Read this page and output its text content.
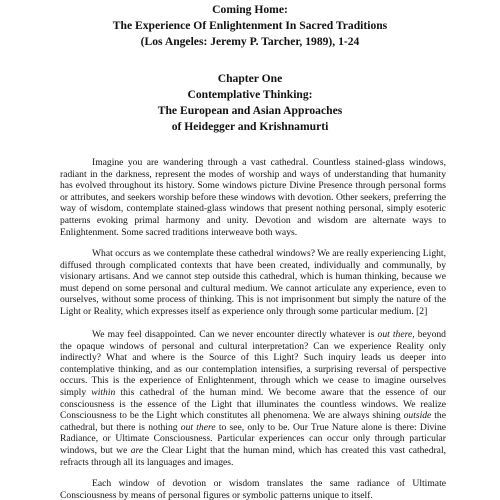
Coming Home:
The Experience Of Enlightenment In Sacred Traditions
(Los Angeles: Jeremy P. Tarcher, 1989), 1-24
Chapter One
Contemplative Thinking:
The European and Asian Approaches
of Heidegger and Krishnamurti

Imagine you are wandering through a vast cathedral. Countless stained-glass windows, radiant in the darkness, represent the modes of worship and ways of understanding that humanity has evolved throughout its history. Some windows picture Divine Presence through personal forms or attributes, and seekers worship before these windows with devotion. Other seekers, preferring the way of wisdom, contemplate stained-glass windows that present nothing personal, simply esoteric patterns evoking primal harmony and unity. Devotion and wisdom are alternate ways to Enlightenment. Some sacred traditions interweave both ways.

What occurs as we contemplate these cathedral windows? We are really experiencing Light, diffused through complicated contexts that have been created, individually and communally, by visionary artisans. And we cannot step outside this cathedral, which is human thinking, because we must depend on some personal and cultural medium. We cannot articulate any experience, even to ourselves, without some process of thinking. This is not imprisonment but simply the nature of the Light or Reality, which expresses itself as experience only through some particular medium. [2]

We may feel disappointed. Can we never encounter directly whatever is out there, beyond the opaque windows of personal and cultural interpretation? Can we experience Reality only indirectly? What and where is the Source of this Light? Such inquiry leads us deeper into contemplative thinking, and as our contemplation intensifies, a surprising reversal of perspective occurs. This is the experience of Enlightenment, through which we cease to imagine ourselves simply within this cathedral of the human mind. We become aware that the essence of our consciousness is the essence of the Light that illuminates the countless windows. We realize Consciousness to be the Light which constitutes all phenomena. We are always shining outside the cathedral, but there is nothing out there to see, only to be. Our True Nature alone is there: Divine Radiance, or Ultimate Consciousness. Particular experiences can occur only through particular windows, but we are the Clear Light that the human mind, which has created this vast cathedral, refracts through all its languages and images.

Each window of devotion or wisdom translates the same radiance of Ultimate Consciousness by means of personal figures or symbolic patterns unique to itself.
